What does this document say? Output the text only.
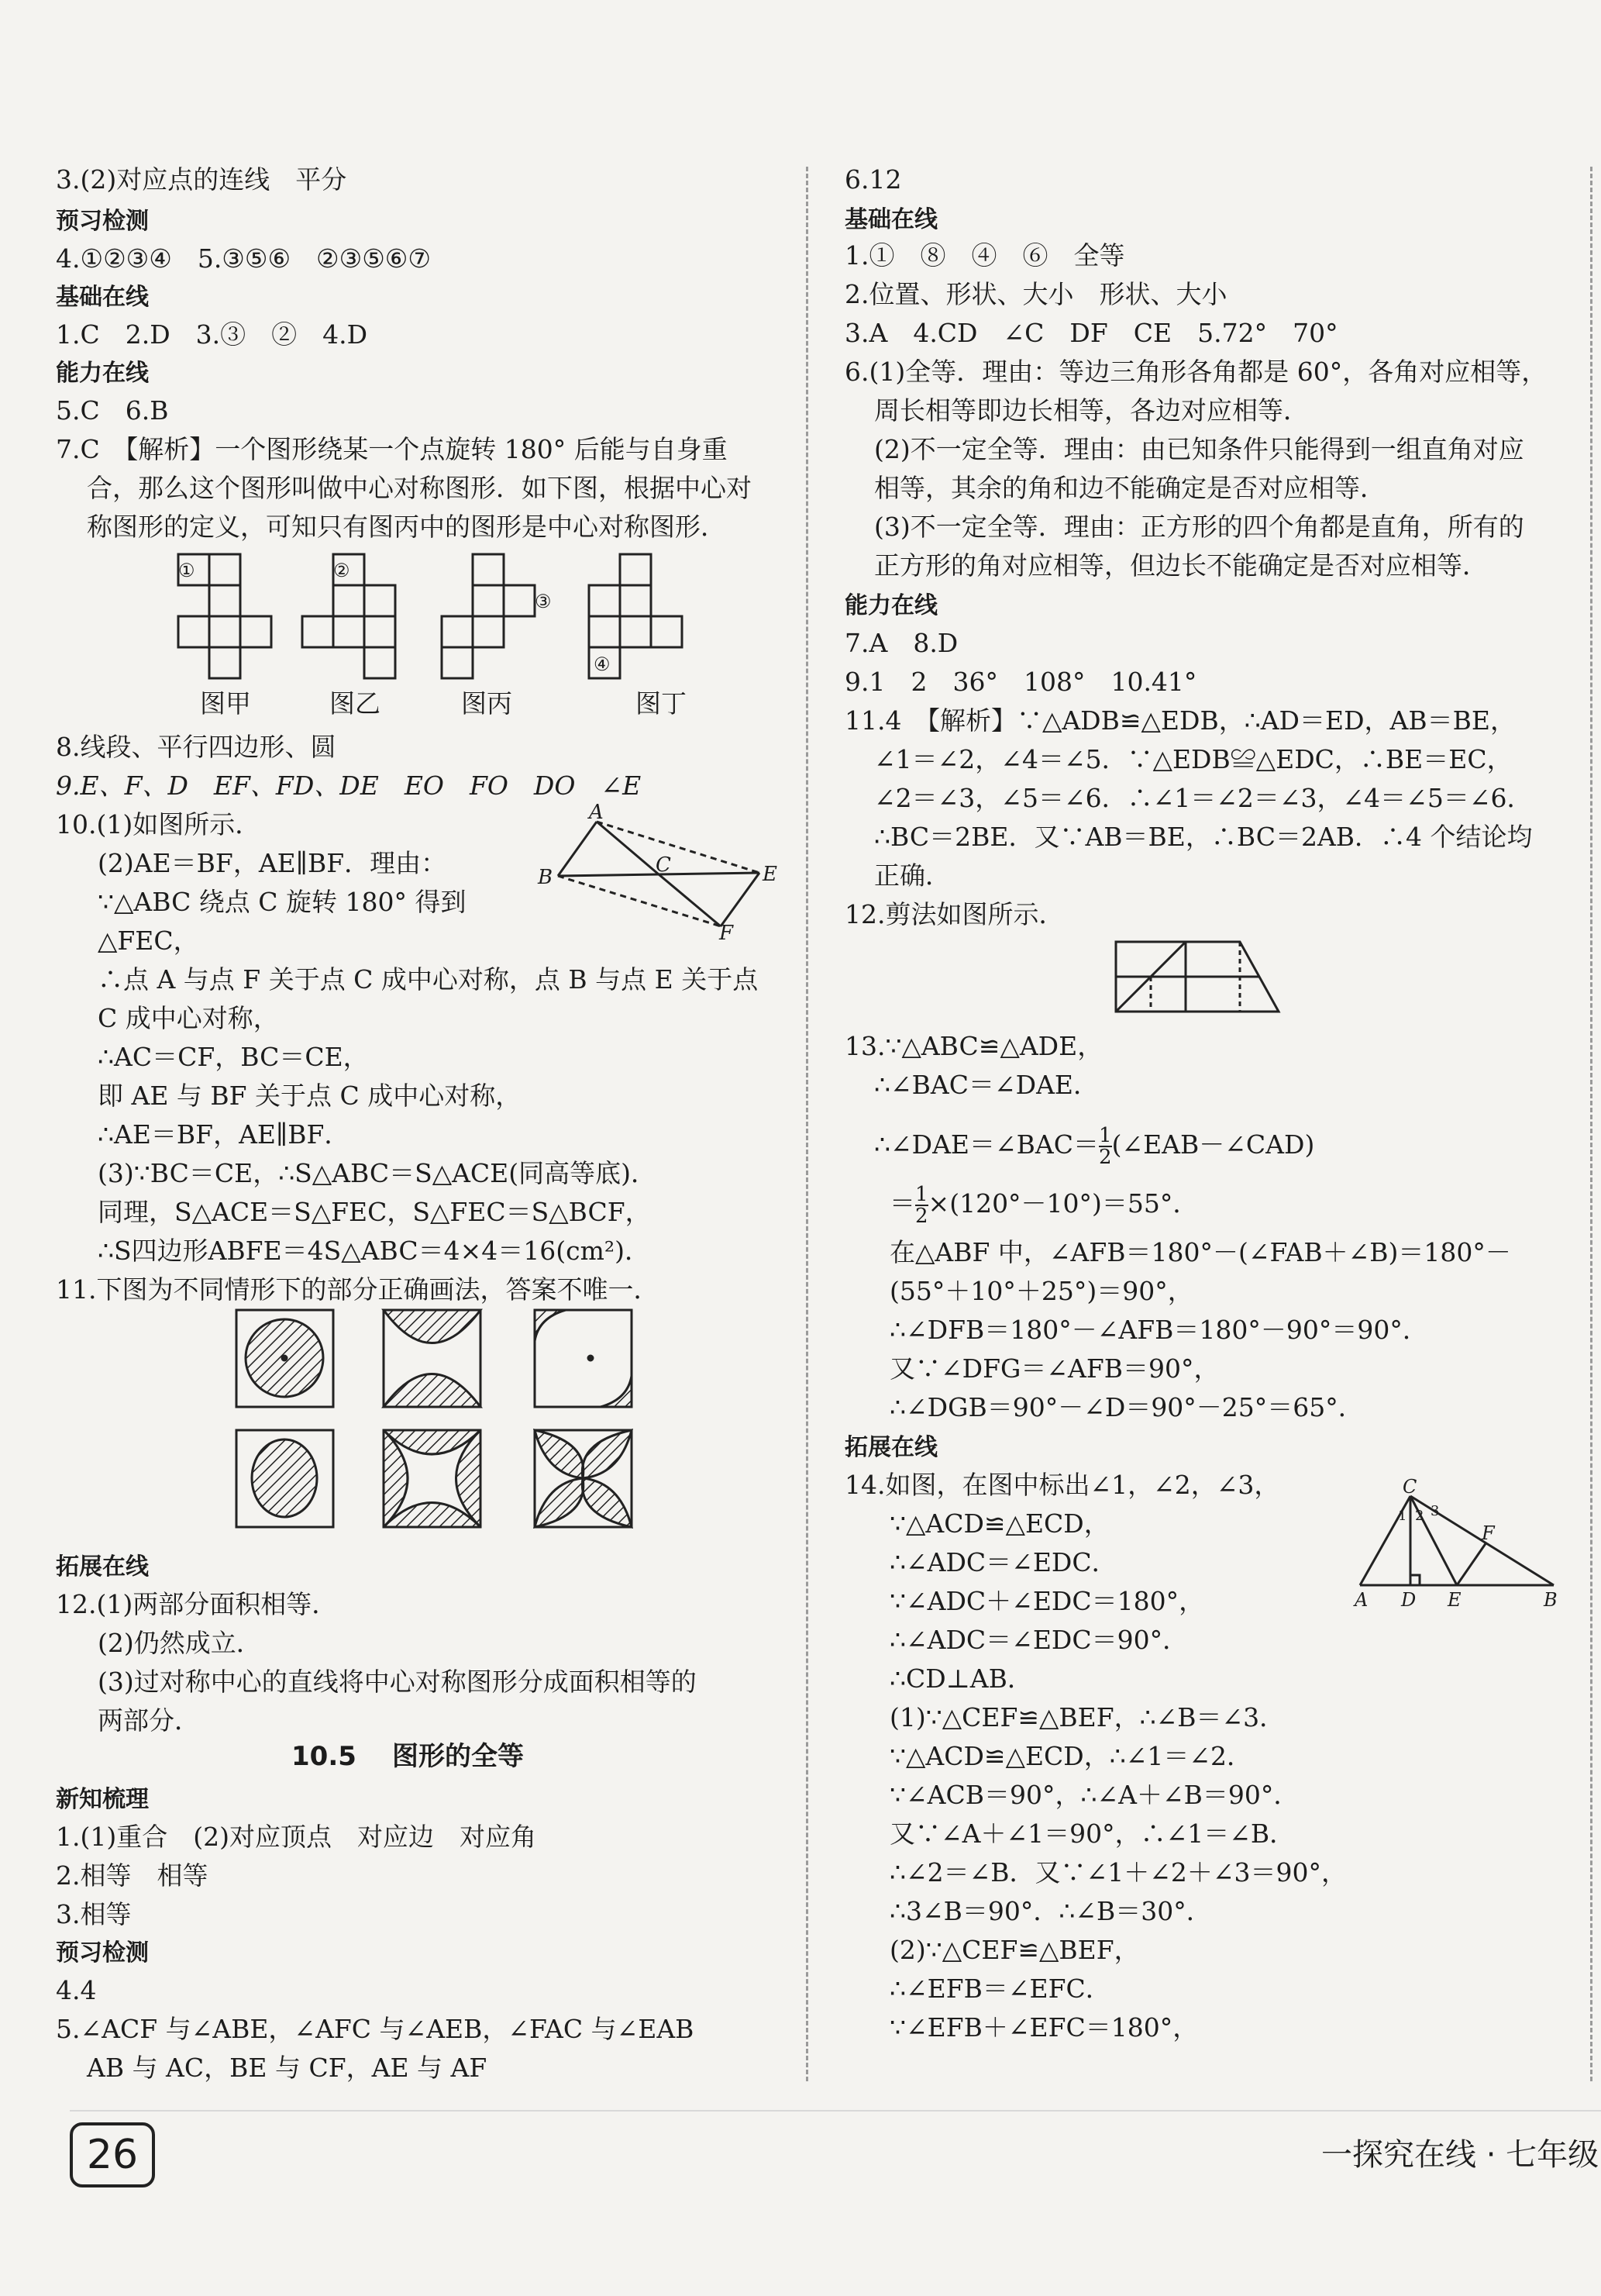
3.(2)对应点的连线　平分
预习检测
4.①②③④　5.③⑤⑥　②③⑤⑥⑦
基础在线
1.C　2.D　3.③　②　4.D
能力在线
5.C　6.B
7.C　【解析】一个图形绕某一个点旋转 180° 后能与自身重
合，那么这个图形叫做中心对称图形．如下图，根据中心对
称图形的定义，可知只有图丙中的图形是中心对称图形．
①	②
③
④
图甲	图乙	图丙	图丁
8.线段、平行四边形、圆
9.E、F、D　EF、FD、DE　EO　FO　DO　∠E
10.(1)如图所示．
(2)AE＝BF，AE∥BF．理由：
∵△ABC 绕点 C 旋转 180° 得到
△FEC，
A
B
C	E
F
∴点 A 与点 F 关于点 C 成中心对称，点 B 与点 E 关于点
C 成中心对称，
∴AC＝CF，BC＝CE，
即 AE 与 BF 关于点 C 成中心对称，
∴AE＝BF，AE∥BF．
(3)∵BC＝CE，∴S△ABC＝S△ACE(同高等底)．
同理，S△ACE＝S△FEC，S△FEC＝S△BCF，
∴S四边形ABFE＝4S△ABC＝4×4＝16(cm²)．
11.下图为不同情形下的部分正确画法，答案不唯一．
拓展在线
12.(1)两部分面积相等．
(2)仍然成立．
(3)过对称中心的直线将中心对称图形分成面积相等的
两部分．
10.5 图形的全等
新知梳理
1.(1)重合　(2)对应顶点　对应边　对应角
2.相等　相等
3.相等
预习检测
4.4
5.∠ACF 与∠ABE，∠AFC 与∠AEB，∠FAC 与∠EAB
AB 与 AC，BE 与 CF，AE 与 AF
6.12
基础在线
1.①　⑧　④　⑥　全等
2.位置、形状、大小　形状、大小
3.A　4.CD　∠C　DF　CE　5.72°　70°
6.(1)全等．理由：等边三角形各角都是 60°，各角对应相等，
周长相等即边长相等，各边对应相等．
(2)不一定全等．理由：由已知条件只能得到一组直角对应
相等，其余的角和边不能确定是否对应相等．
(3)不一定全等．理由：正方形的四个角都是直角，所有的
正方形的角对应相等，但边长不能确定是否对应相等．
能力在线
7.A　8.D
9.1　2　36°　108°　10.41°
11.4　【解析】∵△ADB≌△EDB，∴AD＝ED，AB＝BE，
∠1＝∠2，∠4＝∠5．∵△EDB≌△EDC，∴BE＝EC，
∠2＝∠3，∠5＝∠6．∴∠1＝∠2＝∠3，∠4＝∠5＝∠6．
∴BC＝2BE．又∵AB＝BE，∴BC＝2AB．∴4 个结论均
正确．
12.剪法如图所示．
13.∵△ABC≌△ADE，
∴∠BAC＝∠DAE．
∴∠DAE＝∠BAC＝ $\frac{1}{2}$ (∠EAB－∠CAD)
＝ $\frac{1}{2} \times(120^\circ-10^\circ)=55^\circ$．
在△ABF 中，∠AFB＝180°－(∠FAB＋∠B)＝180°－
(55°＋10°＋25°)＝90°，
∴∠DFB＝180°－∠AFB＝180°－90°＝90°．
又∵∠DFG＝∠AFB＝90°，
∴∠DGB＝90°－∠D＝90°－25°＝65°．
拓展在线
14.如图，在图中标出∠1，∠2，∠3，
A D E	B
C
F
1 2 3
∵△ACD≌△ECD，
∴∠ADC＝∠EDC．
∵∠ADC＋∠EDC＝180°，
∴∠ADC＝∠EDC＝90°．
∴CD⊥AB．
(1)∵△CEF≌△BEF，∴∠B＝∠3．
∵△ACD≌△ECD，∴∠1＝∠2．
∵∠ACB＝90°，∴∠A＋∠B＝90°．
又∵∠A＋∠1＝90°，∴∠1＝∠B．
∴∠2＝∠B．又∵∠1＋∠2＋∠3＝90°，
∴3∠B＝90°．∴∠B＝30°．
(2)∵△CEF≌△BEF，
∴∠EFB＝∠EFC．
∵∠EFB＋∠EFC＝180°，
26	一探究在线 · 七年级
